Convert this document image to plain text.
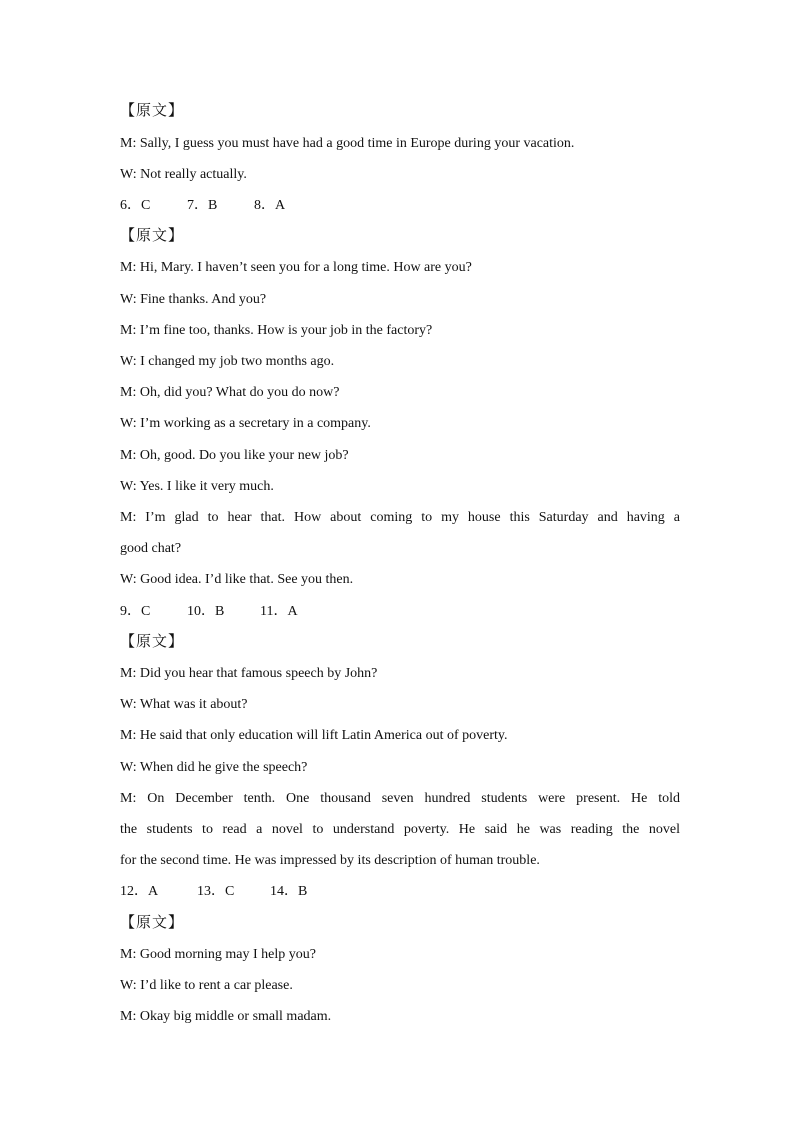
【原文】
M: Sally, I guess you must have had a good time in Europe during your vacation.
W: Not really actually.
6．C	7．B	8．A
【原文】
M: Hi, Mary. I haven’t seen you for a long time. How are you?
W: Fine thanks. And you?
M: I’m fine too, thanks. How is your job in the factory?
W: I changed my job two months ago.
M: Oh, did you? What do you do now?
W: I’m working as a secretary in a company.
M: Oh, good. Do you like your new job?
W: Yes. I like it very much.
M: I’m glad to hear that. How about coming to my house this Saturday and having a
good chat?
W: Good idea. I’d like that. See you then.
9．C	10．B	11．A
【原文】
M: Did you hear that famous speech by John?
W: What was it about?
M: He said that only education will lift Latin America out of poverty.
W: When did he give the speech?
M: On December tenth. One thousand seven hundred students were present. He told
the students to read a novel to understand poverty. He said he was reading the novel
for the second time. He was impressed by its description of human trouble.
12．A	13．C	14．B
【原文】
M: Good morning may I help you?
W: I’d like to rent a car please.
M: Okay big middle or small madam.
